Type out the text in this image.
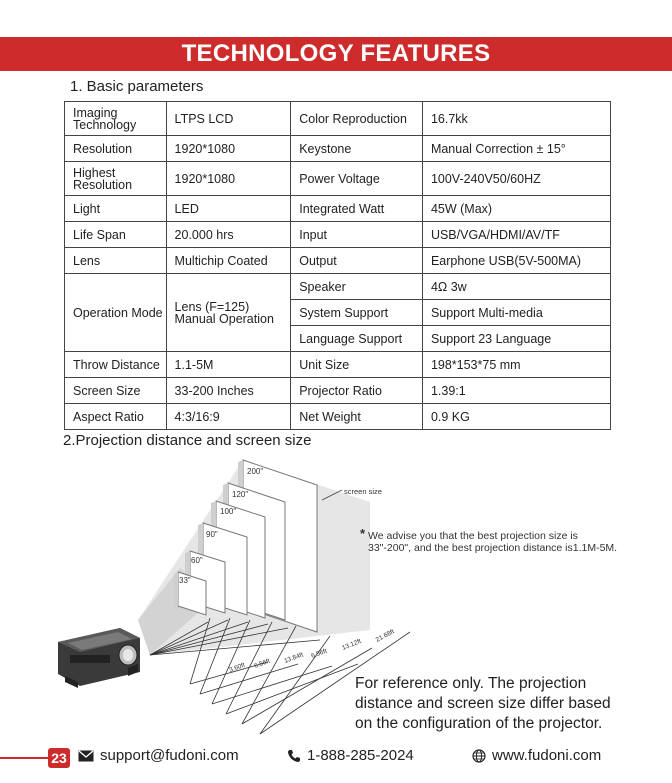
TECHNOLOGY FEATURES
1. Basic parameters
Imaging Technology	LTPS LCD	Color Reproduction	16.7kk
Resolution	1920*1080	Keystone	Manual Correction ± 15°
Highest Resolution	1920*1080	Power Voltage	100V-240V50/60HZ
Light	LED	Integrated Watt	45W (Max)
Life Span	20.000 hrs	Input	USB/VGA/HDMI/AV/TF
Lens	Multichip Coated	Output	Earphone USB(5V-500MA)
Operation Mode	Lens (F=125) Manual Operation	Speaker	4Ω 3w
		System Support	Support Multi-media
		Language Support	Support 23 Language
Throw Distance	1.1-5M	Unit Size	198*153*75 mm
Screen Size	33-200 Inches	Projector Ratio	1.39:1
Aspect Ratio	4:3/16:9	Net Weight	0.9 KG
2.Projection distance and screen size
200"
120"
100"
90"
60"
33"
screen size
3.60ft 6.56ft 13.84ft 6.56ft
13.12ft
21.68ft
* We advise you that the best projection size is 33"-200", and the best projection distance is1.1M-5M.
For reference only. The projection distance and screen size differ based on the configuration of the projector.
23 support@fudoni.com	1-888-285-2024	www.fudoni.com
